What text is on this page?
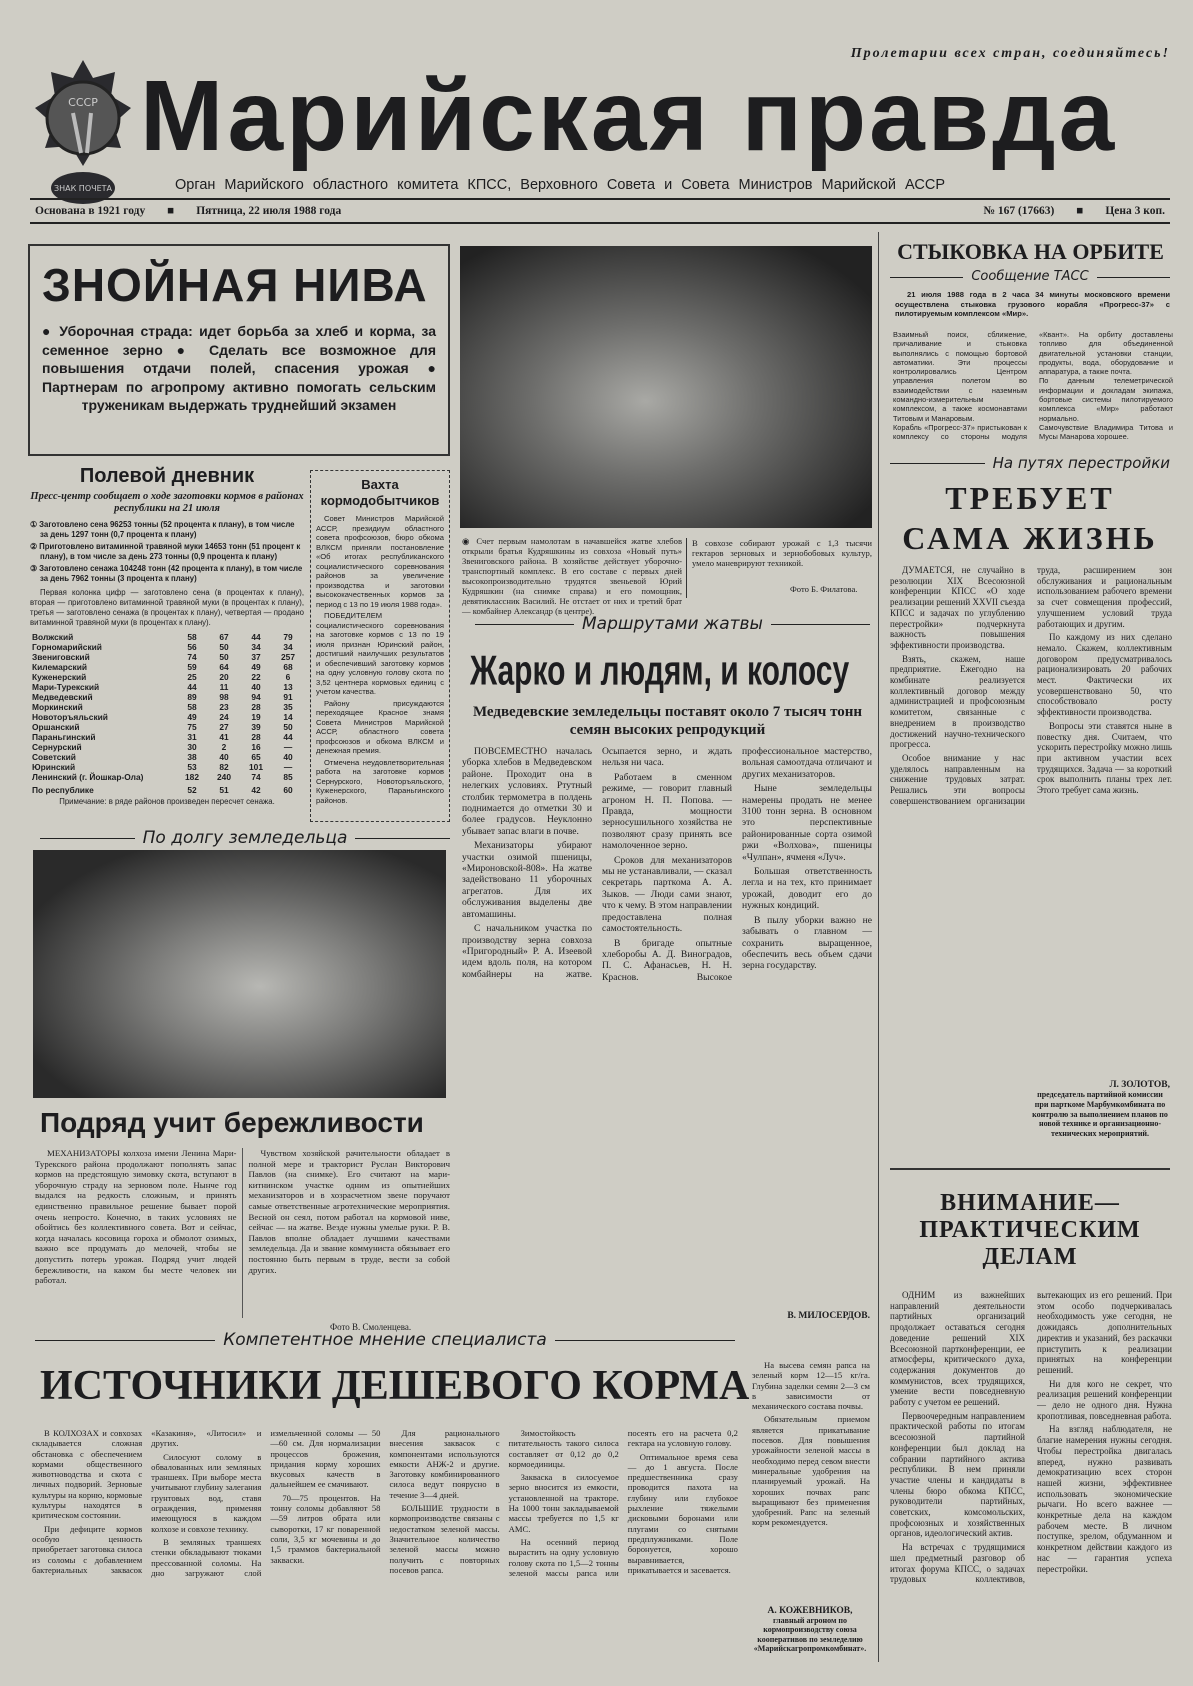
СССР
ЗНАК ПОЧЕТА
Пролетарии всех стран, соединяйтесь!
Марийская правда
Орган Марийского областного комитета КПСС, Верховного Совета и Совета Министров Марийской АССР
Основана в 1921 году ■ Пятница, 22 июля 1988 года	№ 167 (17663) ■ Цена 3 коп.
ЗНОЙНАЯ НИВА
● Уборочная страда: идет борьба за хлеб и корма, за семенное зерно ● Сделать все возможное для повышения отдачи полей, спасения урожая ● Партнерам по агропрому активно помогать сельским труженикам выдержать труднейший экзамен
Полевой дневник
Пресс-центр сообщает о ходе заготовки кормов в районах республики на 21 июля

① Заготовлено сена 96253 тонны (52 процента к плану), в том числе за день 1297 тонн (0,7 процента к плану)

② Приготовлено витаминной травяной муки 14653 тонн (51 процент к плану), в том числе за день 273 тонны (0,9 процента к плану)

③ Заготовлено сенажа 104248 тонн (42 процента к плану), в том числе за день 7962 тонны (3 процента к плану)

Первая колонка цифр — заготовлено сена (в процентах к плану), вторая — приготовлено витаминной травяной муки (в процентах к плану), третья — заготовлено сенажа (в процентах к плану), четвертая — продано витаминной травяной муки (в процентах к плану).
Волжский	58	67	44	79
Горномарийский	56	50	34	34
Звениговский	74	50	37	257
Килемарский	59	64	49	68
Куженерский	25	20	22	6
Мари-Турекский	44	11	40	13
Медведевский	89	98	94	91
Моркинский	58	23	28	35
Новоторъяльский	49	24	19	14
Оршанский	75	27	39	50
Параньгинский	31	41	28	44
Сернурский	30	2	16	—
Советский	38	40	65	40
Юринский	53	82	101	—
Ленинский (г. Йошкар-Ола)	182	240	74	85
По республике	52	51	42	60
Примечание: в ряде районов произведен пересчет сенажа.
Вахта кормодобытчиков

Совет Министров Марийской АССР, президиум областного совета профсоюзов, бюро обкома ВЛКСМ приняли постановление «Об итогах республиканского социалистического соревнования районов за увеличение производства и заготовки высококачественных кормов за период с 13 по 19 июля 1988 года».

ПОБЕДИТЕЛЕМ социалистического соревнования на заготовке кормов с 13 по 19 июля признан Юринский район, достигший наилучших результатов и обеспечивший заготовку кормов на одну условную голову скота по 3,52 центнера кормовых единиц с учетом качества.

Району присуждаются переходящее Красное знамя Совета Министров Марийской АССР, областного совета профсоюзов и обкома ВЛКСМ и денежная премия.

Отмечена неудовлетворительная работа на заготовке кормов Сернурского, Новоторъяльского, Куженерского, Параньгинского районов.

По долгу земледельца
Подряд учит бережливости

МЕХАНИЗАТОРЫ колхоза имени Ленина Мари-Турекского района продолжают пополнять запас кормов на предстоящую зимовку скота, вступают в уборочную страду на зерновом поле. Нынче год выдался на редкость сложным, и принять единственно правильное решение бывает порой очень непросто. Конечно, в таких условиях не обойтись без коллективного совета. Вот и сейчас, когда началась косовица гороха и обмолот озимых, важно все продумать до мелочей, чтобы не допустить потерь урожая. Подряд учит людей бережливости, на каком бы месте человек ни работал.

Чувством хозяйской рачительности обладает в полной мере и тракторист Руслан Викторович Павлов (на снимке). Его считают на мари-китнинском участке одним из опытнейших механизаторов и в хозрасчетном звене поручают самые ответственные агротехнические мероприятия. Весной он сеял, потом работал на кормовой ниве, сейчас — на жатве. Везде нужны умелые руки. Р. В. Павлов вполне обладает лучшими качествами земледельца. Да и звание коммуниста обязывает его постоянно быть первым в труде, вести за собой других.

Фото В. Смоленцева.
◉ Счет первым намолотам в начавшейся жатве хлебов открыли братья Кудряшкины из совхоза «Новый путь» Звениговского района. В хозяйстве действует уборочно-транспортный комплекс. В его составе с первых дней высокопроизводительно трудятся звеньевой Юрий Кудряшкин (на снимке справа) и его помощник, девятиклассник Василий. Не отстает от них и третий брат — комбайнер Александр (в центре).
В совхозе собирают урожай с 1,3 тысячи гектаров зерновых и зернобобовых культур, умело маневрируют техникой.
Фото Б. Филатова.
Маршрутами жатвы
Жарко и людям, и колосу
Медведевские земледельцы поставят около 7 тысяч тонн семян высоких репродукций

ПОВСЕМЕСТНО началась уборка хлебов в Медведевском районе. Проходит она в нелегких условиях. Ртутный столбик термометра в полдень поднимается до отметки 30 и более градусов. Неуклонно убывает запас влаги в почве.

Механизаторы убирают участки озимой пшеницы, «Мироновской-808». На жатве задействовано 11 уборочных агрегатов. Для их обслуживания выделены две автомашины.

С начальником участка по производству зерна совхоза «Пригородный» Р. А. Изеевой идем вдоль поля, на котором комбайнеры на жатве. Осыпается зерно, и ждать нельзя ни часа.

Работаем в сменном режиме, — говорит главный агроном Н. П. Попова. — Правда, мощности зерносушильного хозяйства не позволяют сразу принять все намолоченное зерно.

Сроков для механизаторов мы не устанавливали, — сказал секретарь парткома А. А. Зыков. — Люди сами знают, что к чему. В этом направлении предоставлена полная самостоятельность.

В бригаде опытные хлеборобы А. Д. Виноградов, П. С. Афанасьев, Н. Н. Краснов. Высокое профессиональное мастерство, вольная самоотдача отличают и других механизаторов.

Ныне земледельцы намерены продать не менее 3100 тонн зерна. В основном это перспективные районированные сорта озимой ржи «Волхова», пшеницы «Чулпан», ячменя «Луч».

Большая ответственность легла и на тех, кто принимает урожай, доводит его до нужных кондиций.

В пылу уборки важно не забывать о главном — сохранить выращенное, обеспечить весь объем сдачи зерна государству.

В. МИЛОСЕРДОВ.
СТЫКОВКА НА ОРБИТЕ
Сообщение ТАСС
21 июля 1988 года в 2 часа 34 минуты московского времени осуществлена стыковка грузового корабля «Прогресс-37» с пилотируемым комплексом «Мир».

Взаимный поиск, сближение, причаливание и стыковка выполнялись с помощью бортовой автоматики. Эти процессы контролировались Центром управления полетом во взаимодействии с наземным командно-измерительным комплексом, а также космонавтами Титовым и Манаровым.

Корабль «Прогресс-37» пристыкован к комплексу со стороны модуля «Квант». На орбиту доставлены топливо для объединенной двигательной установки станции, продукты, вода, оборудование и аппаратура, а также почта.

По данным телеметрической информации и докладам экипажа, бортовые системы пилотируемого комплекса «Мир» работают нормально.

Самочувствие Владимира Титова и Мусы Манарова хорошее.

На путях перестройки
ТРЕБУЕТ САМА ЖИЗНЬ

ДУМАЕТСЯ, не случайно в резолюции XIX Всесоюзной конференции КПСС «О ходе реализации решений XXVII съезда КПСС и задачах по углублению перестройки» подчеркнута важность повышения эффективности производства.

Взять, скажем, наше предприятие. Ежегодно на комбинате реализуется коллективный договор между администрацией и профсоюзным комитетом, связанные с внедрением в производство достижений научно-технического прогресса.

Особое внимание у нас уделялось направленным на снижение трудовых затрат. Решались эти вопросы совершенствованием организации труда, расширением зон обслуживания и рациональным использованием рабочего времени за счет совмещения профессий, улучшением условий труда работающих и другим.

По каждому из них сделано немало. Скажем, коллективным договором предусматривалось рационализировать 20 рабочих мест. Фактически их усовершенствовано 50, что способствовало росту эффективности производства.

Вопросы эти ставятся ныне в повестку дня. Считаем, что ускорить перестройку можно лишь при активном участии всех трудящихся. Задача — за короткий срок выполнить планы трех лет. Этого требует сама жизнь.

Л. ЗОЛОТОВ,
председатель партийной комиссии при парткоме Марбумкомбината по контролю за выполнением планов по новой технике и организационно-технических мероприятий.
ВНИМАНИЕ— ПРАКТИЧЕСКИМ ДЕЛАМ

ОДНИМ из важнейших направлений деятельности партийных организаций продолжает оставаться сегодня доведение решений XIX Всесоюзной партконференции, ее атмосферы, критического духа, содержания документов до коммунистов, всех трудящихся, умение вести повседневную работу с учетом ее решений.

Первоочередным направлением практической работы по итогам всесоюзной партийной конференции был доклад на собрании партийного актива республики. В нем приняли участие члены и кандидаты в члены бюро обкома КПСС, руководители партийных, советских, комсомольских, профсоюзных и хозяйственных органов, идеологический актив.

На встречах с трудящимися шел предметный разговор об итогах форума КПСС, о задачах трудовых коллективов, вытекающих из его решений. При этом особо подчеркивалась необходимость уже сегодня, не дожидаясь дополнительных директив и указаний, без раскачки приступить к реализации принятых на конференции решений.

Ни для кого не секрет, что реализация решений конференции — дело не одного дня. Нужна кропотливая, повседневная работа.

На взгляд наблюдателя, не благие намерения нужны сегодня. Чтобы перестройка двигалась вперед, нужно развивать демократизацию всех сторон нашей жизни, эффективнее использовать экономические рычаги. Но всего важнее — конкретные дела на каждом рабочем месте. В личном поступке, зрелом, обдуманном и конкретном действии каждого из нас — гарантия успеха перестройки.

Компетентное мнение специалиста
ИСТОЧНИКИ ДЕШЕВОГО КОРМА

В КОЛХОЗАХ и совхозах складывается сложная обстановка с обеспечением кормами общественного животноводства и скота с личных подворий. Зерновые культуры на корню, кормовые культуры находятся в критическом состоянии.

При дефиците кормов особую ценность приобретает заготовка силоса из соломы с добавлением бактериальных заквасок «Казакиня», «Литосил» и других.

Силосуют солому в обвалованных или земляных траншеях. При выборе места учитывают глубину залегания грунтовых вод, ставя ограждения, применяя имеющуюся в каждом колхозе и совхозе технику.

В земляных траншеях стенки обкладывают тюками прессованной соломы. На дно загружают слой измельченной соломы — 50—60 см. Для нормализации процессов брожения, придания корму хороших вкусовых качеств в дальнейшем ее смачивают.

70—75 процентов. На тонну соломы добавляют 58—59 литров обрата или сыворотки, 17 кг поваренной соли, 3,5 кг мочевины и до 1,5 граммов бактериальной закваски.

Для рационального внесения заквасок с компонентами используются емкости АНЖ-2 и другие. Заготовку комбинированного силоса ведут поярусно в течение 3—4 дней.

БОЛЬШИЕ трудности в кормопроизводстве связаны с недостатком зеленой массы. Значительное количество зеленой массы можно получить с повторных посевов рапса.

Зимостойкость питательность такого силоса составляет от 0,12 до 0,2 кормоединицы.

Закваска в силосуемое зерно вносится из емкости, установленной на тракторе. На 1000 тонн закладываемой массы требуется по 1,5 кг АМС.

На осенний период вырастить на одну условную голову скота по 1,5—2 тонны зеленой массы рапса или посеять его на расчета 0,2 гектара на условную голову.

Оптимальное время сева — до 1 августа. После предшественника сразу проводится пахота на глубину или глубокое рыхление тяжелыми дисковыми боронами или плугами со снятыми предплужниками. Поле боронуется, хорошо выравнивается, прикатывается и засевается.

На высева семян рапса на зеленый корм 12—15 кг/га. Глубина заделки семян 2—3 см в зависимости от механического состава почвы.

Обязательным приемом является прикатывание посевов. Для повышения урожайности зеленой массы в необходимо перед севом внести минеральные удобрения на планируемый урожай. На хороших почвах рапс выращивают без применения удобрений. Рапс на зеленый корм рекомендуется.

А. КОЖЕВНИКОВ,
главный агроном по кормопроизводству союза кооперативов по земледелию «Марийскагропромкомбинат».
